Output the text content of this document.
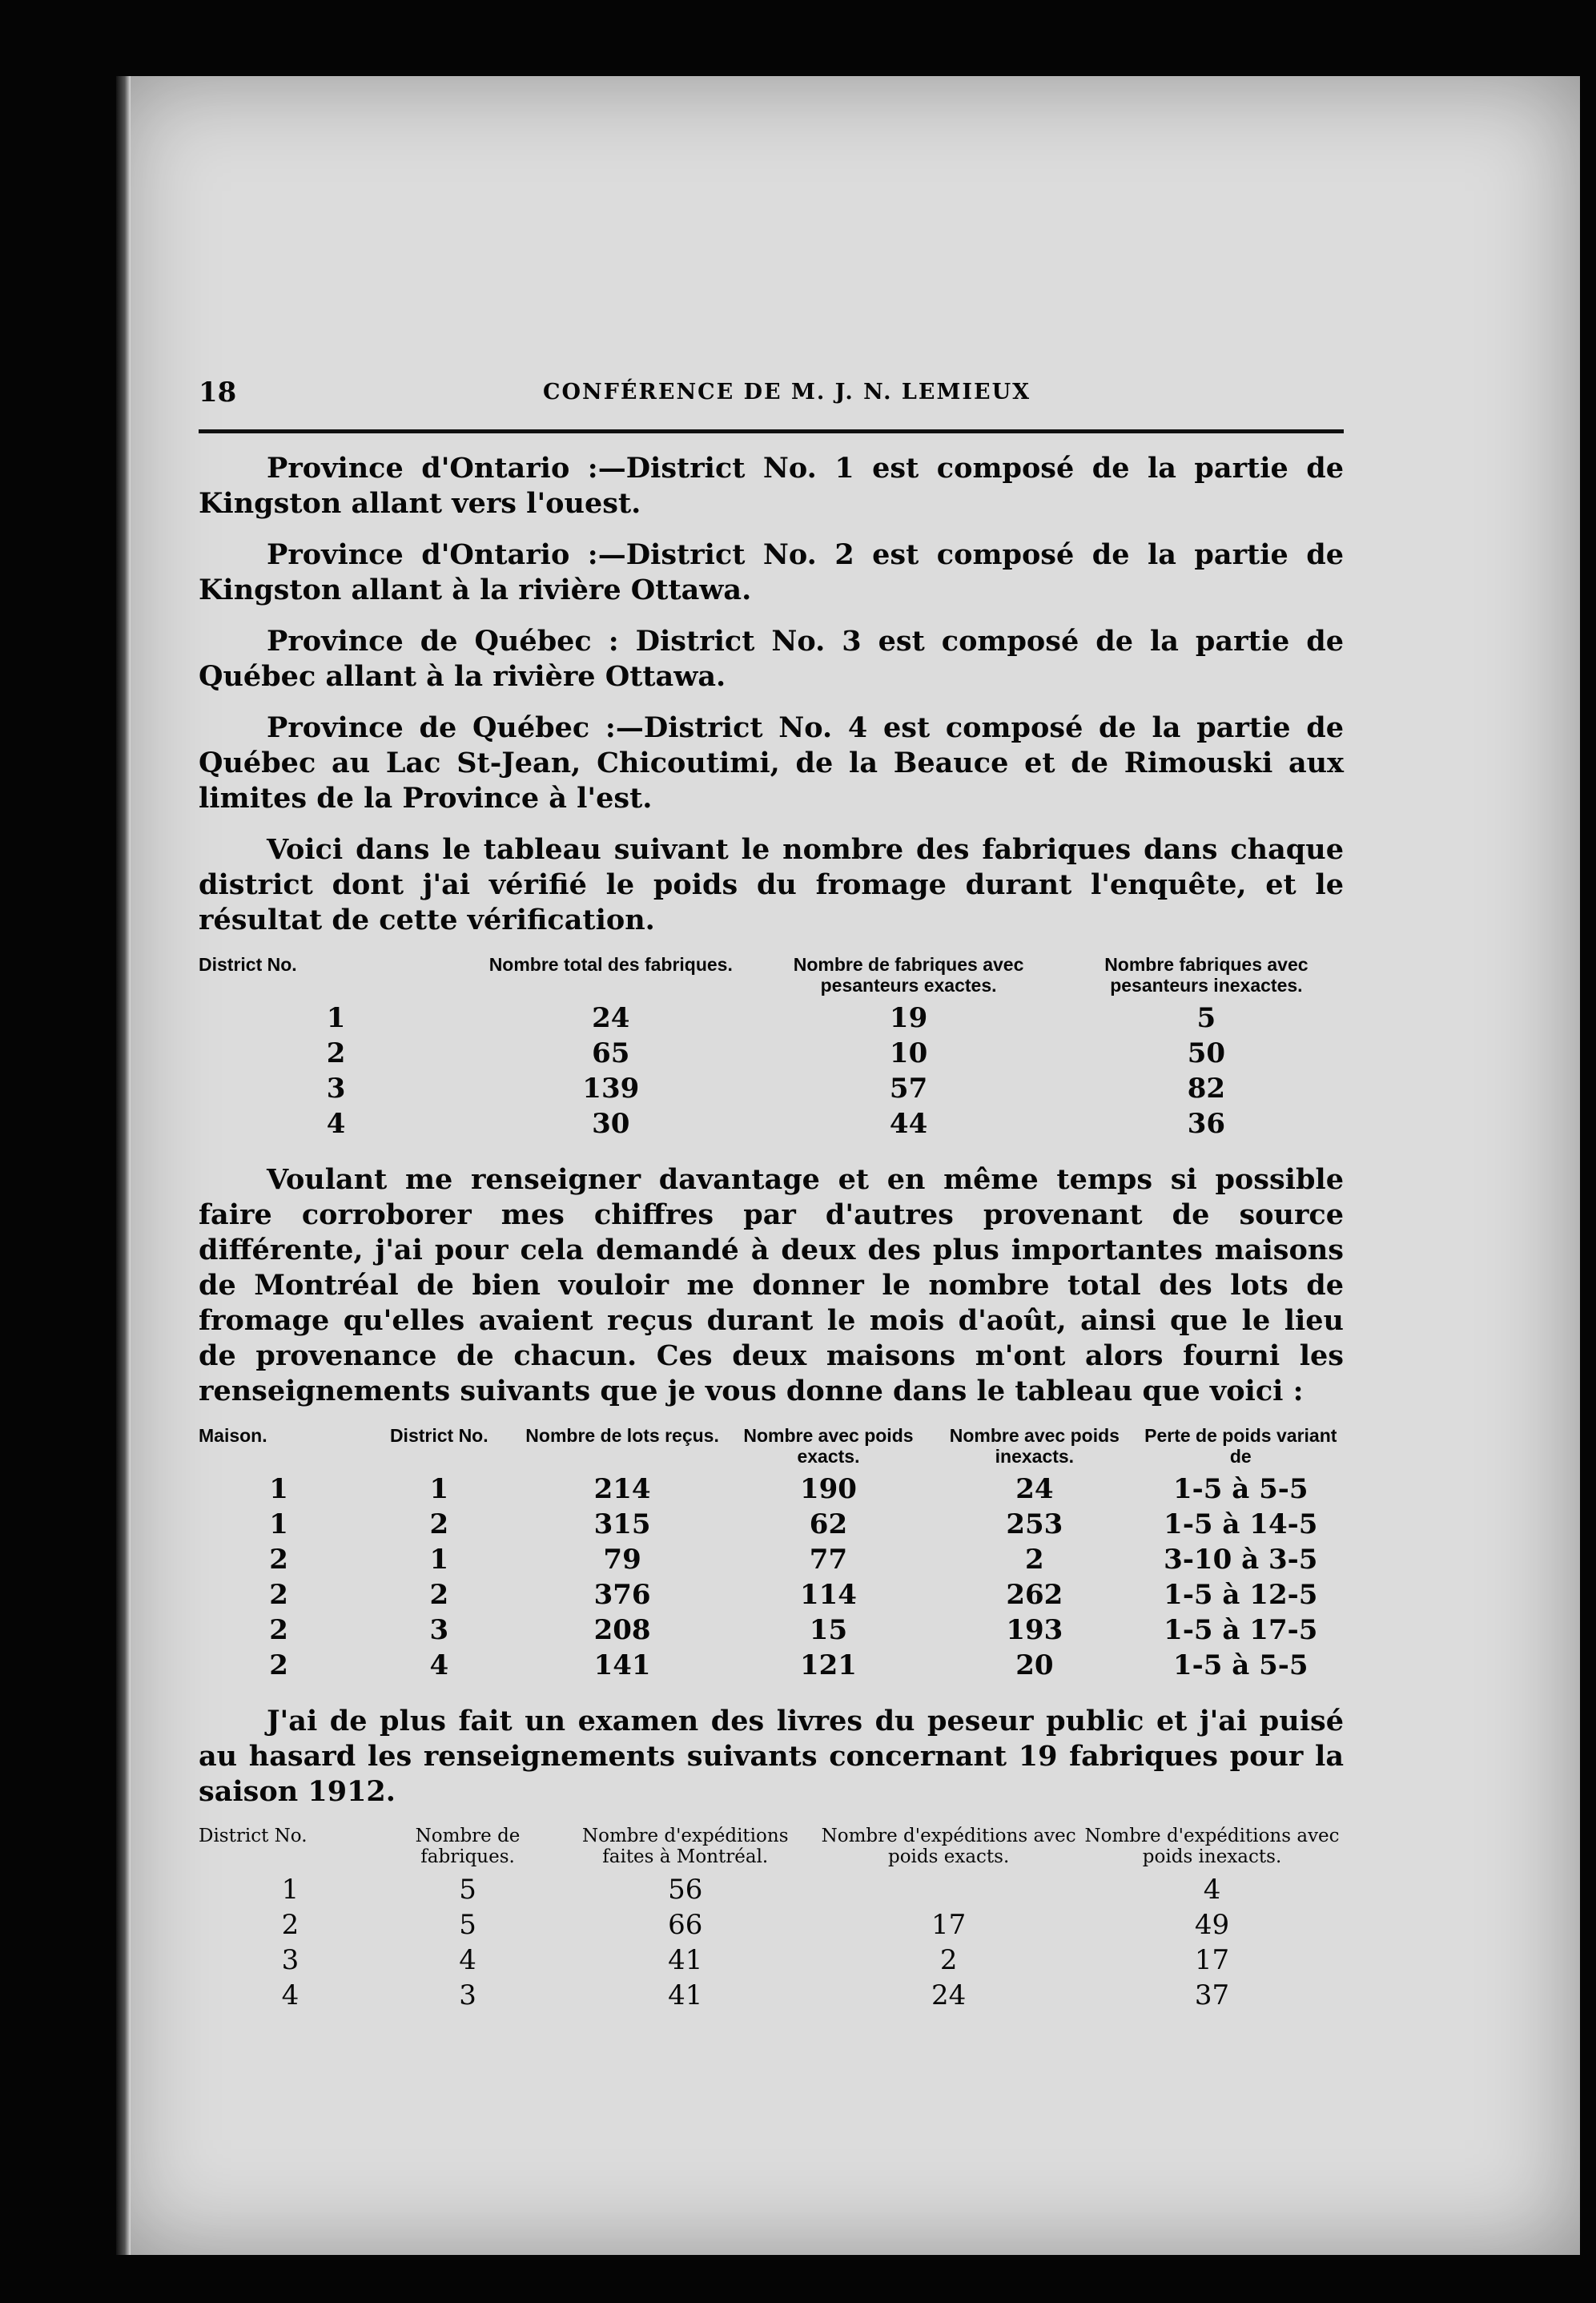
18	CONFÉRENCE DE M. J. N. LEMIEUX

Province d'Ontario :—District No. 1 est composé de la partie de Kingston allant vers l'ouest.

Province d'Ontario :—District No. 2 est composé de la partie de Kingston allant à la rivière Ottawa.

Province de Québec : District No. 3 est composé de la partie de Québec allant à la rivière Ottawa.

Province de Québec :—District No. 4 est composé de la partie de Québec au Lac St-Jean, Chicoutimi, de la Beauce et de Rimouski aux limites de la Province à l'est.

Voici dans le tableau suivant le nombre des fabriques dans chaque district dont j'ai vérifié le poids du fromage durant l'enquête, et le résultat de cette vérification.

District No.	Nombre total des fabriques.	Nombre de fabriques avec pesanteurs exactes.	Nombre fabriques avec pesanteurs inexactes.
1	24	19	5
2	65	10	50
3	139	57	82
4	30	44	36

Voulant me renseigner davantage et en même temps si possible faire corroborer mes chiffres par d'autres provenant de source différente, j'ai pour cela demandé à deux des plus importantes maisons de Montréal de bien vouloir me donner le nombre total des lots de fromage qu'elles avaient reçus durant le mois d'août, ainsi que le lieu de provenance de chacun. Ces deux maisons m'ont alors fourni les renseignements suivants que je vous donne dans le tableau que voici :

Maison.	District No.	Nombre de lots reçus.	Nombre avec poids exacts.	Nombre avec poids inexacts.	Perte de poids variant de
1	1	214	190	24	1-5 à 5-5
1	2	315	62	253	1-5 à 14-5
2	1	79	77	2	3-10 à 3-5
2	2	376	114	262	1-5 à 12-5
2	3	208	15	193	1-5 à 17-5
2	4	141	121	20	1-5 à 5-5

J'ai de plus fait un examen des livres du peseur public et j'ai puisé au hasard les renseignements suivants concernant 19 fabriques pour la saison 1912.

District No.	Nombre de fabriques.	Nombre d'expéditions faites à Montréal.	Nombre d'expéditions avec poids exacts.	Nombre d'expéditions avec poids inexacts.
1	5	56		4
2	5	66	17	49
3	4	41	2	17
4	3	41	24	37
